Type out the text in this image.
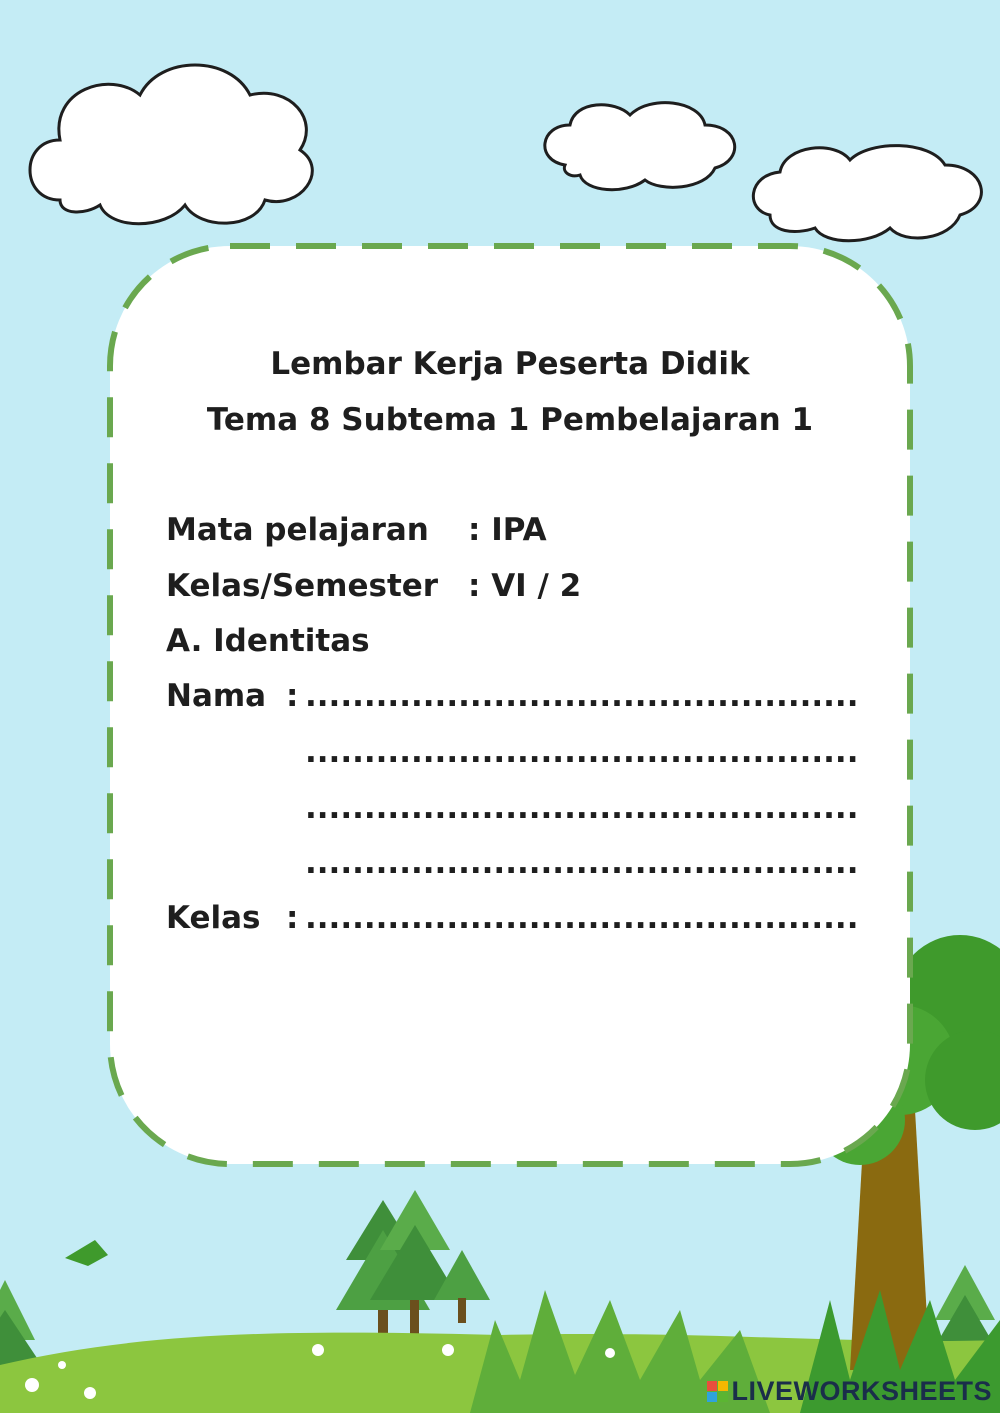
Lembar Kerja Peserta Didik
Tema 8 Subtema 1 Pembelajaran 1
Mata pelajaran : IPA
Kelas/Semester : VI / 2
A. Identitas
Nama : ...............................................
...............................................
...............................................
...............................................
Kelas : ...............................................
LIVEWORKSHEETS
